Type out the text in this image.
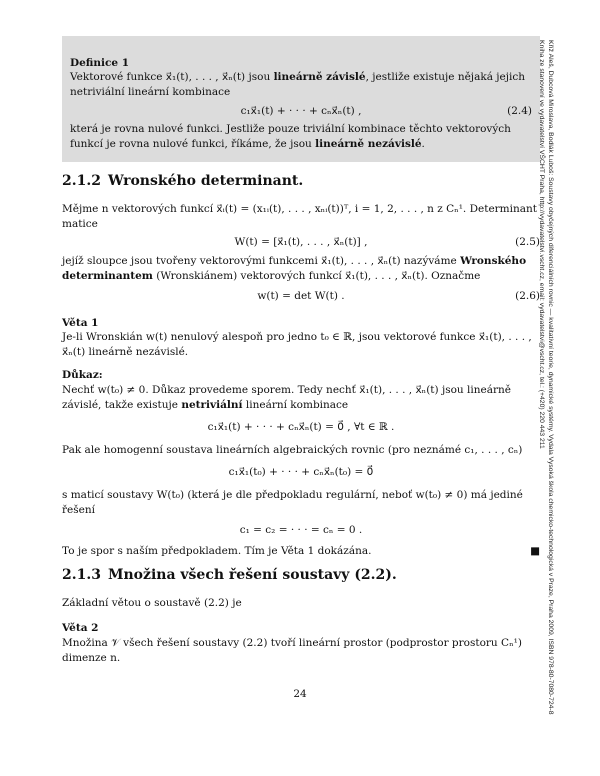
Definice 1

Vektorové funkce x⃗₁(t), . . . , x⃗ₙ(t) jsou lineárně závislé, jestliže existuje nějaká jejich netriviální lineární kombinace

c₁x⃗₁(t) + · · · + cₙx⃗ₙ(t) ,	(2.4)

která je rovna nulové funkci. Jestliže pouze triviální kombinace těchto vektorových funkcí je rovna nulové funkci, říkáme, že jsou lineárně nezávislé.

2.1.2 Wronského determinant.

Mějme n vektorových funkcí x⃗ᵢ(t) = (x₁ᵢ(t), . . . , xₙᵢ(t))ᵀ, i = 1, 2, . . . , n z Cₙ¹. Determinant matice

W(t) = [x⃗₁(t), . . . , x⃗ₙ(t)] ,	(2.5)

jejíž sloupce jsou tvořeny vektorovými funkcemi x⃗₁(t), . . . , x⃗ₙ(t) nazýváme Wronského determinantem (Wronskiánem) vektorových funkcí x⃗₁(t), . . . , x⃗ₙ(t). Označme

w(t) = det W(t) .	(2.6)

Věta 1

Je-li Wronskián w(t) nenulový alespoň pro jedno t₀ ∈ ℝ, jsou vektorové funkce x⃗₁(t), . . . , x⃗ₙ(t) lineárně nezávislé.

Důkaz:

Nechť w(t₀) ≠ 0. Důkaz provedeme sporem. Tedy nechť x⃗₁(t), . . . , x⃗ₙ(t) jsou lineárně závislé, takže existuje netriviální lineární kombinace

c₁x⃗₁(t) + · · · + cₙx⃗ₙ(t) = 0⃗ , ∀t ∈ ℝ .

Pak ale homogenní soustava lineárních algebraických rovnic (pro neznámé c₁, . . . , cₙ)

c₁x⃗₁(t₀) + · · · + cₙx⃗ₙ(t₀) = 0⃗

s maticí soustavy W(t₀) (která je dle předpokladu regulární, neboť w(t₀) ≠ 0) má jediné řešení

c₁ = c₂ = · · · = cₙ = 0 .

To je spor s naším předpokladem. Tím je Věta 1 dokázána.	■
2.1.3 Množina všech řešení soustavy (2.2).

Základní větou o soustavě (2.2) je

Věta 2

Množina 𝒱 všech řešení soustavy (2.2) tvoří lineární prostor (podprostor prostoru Cₙ¹) dimenze n.

24	Kříž Aleš, Dubcová Miroslava, Bodlák Luboš: Soustavy obyčejných diferenciálních rovnic — kvalitativní teorie, dynamické systémy. Vydala Vysoká škola chemicko-technologická v Praze, Praha 2009, ISBN 978-80-7080-724-8
Kniha ze stanovení ve vydavatelství VŠCHT Praha, http://vydavatelstvi.vscht.cz, email: vydavatelstvi@vscht.cz, tel.: (+420) 220 443 211
